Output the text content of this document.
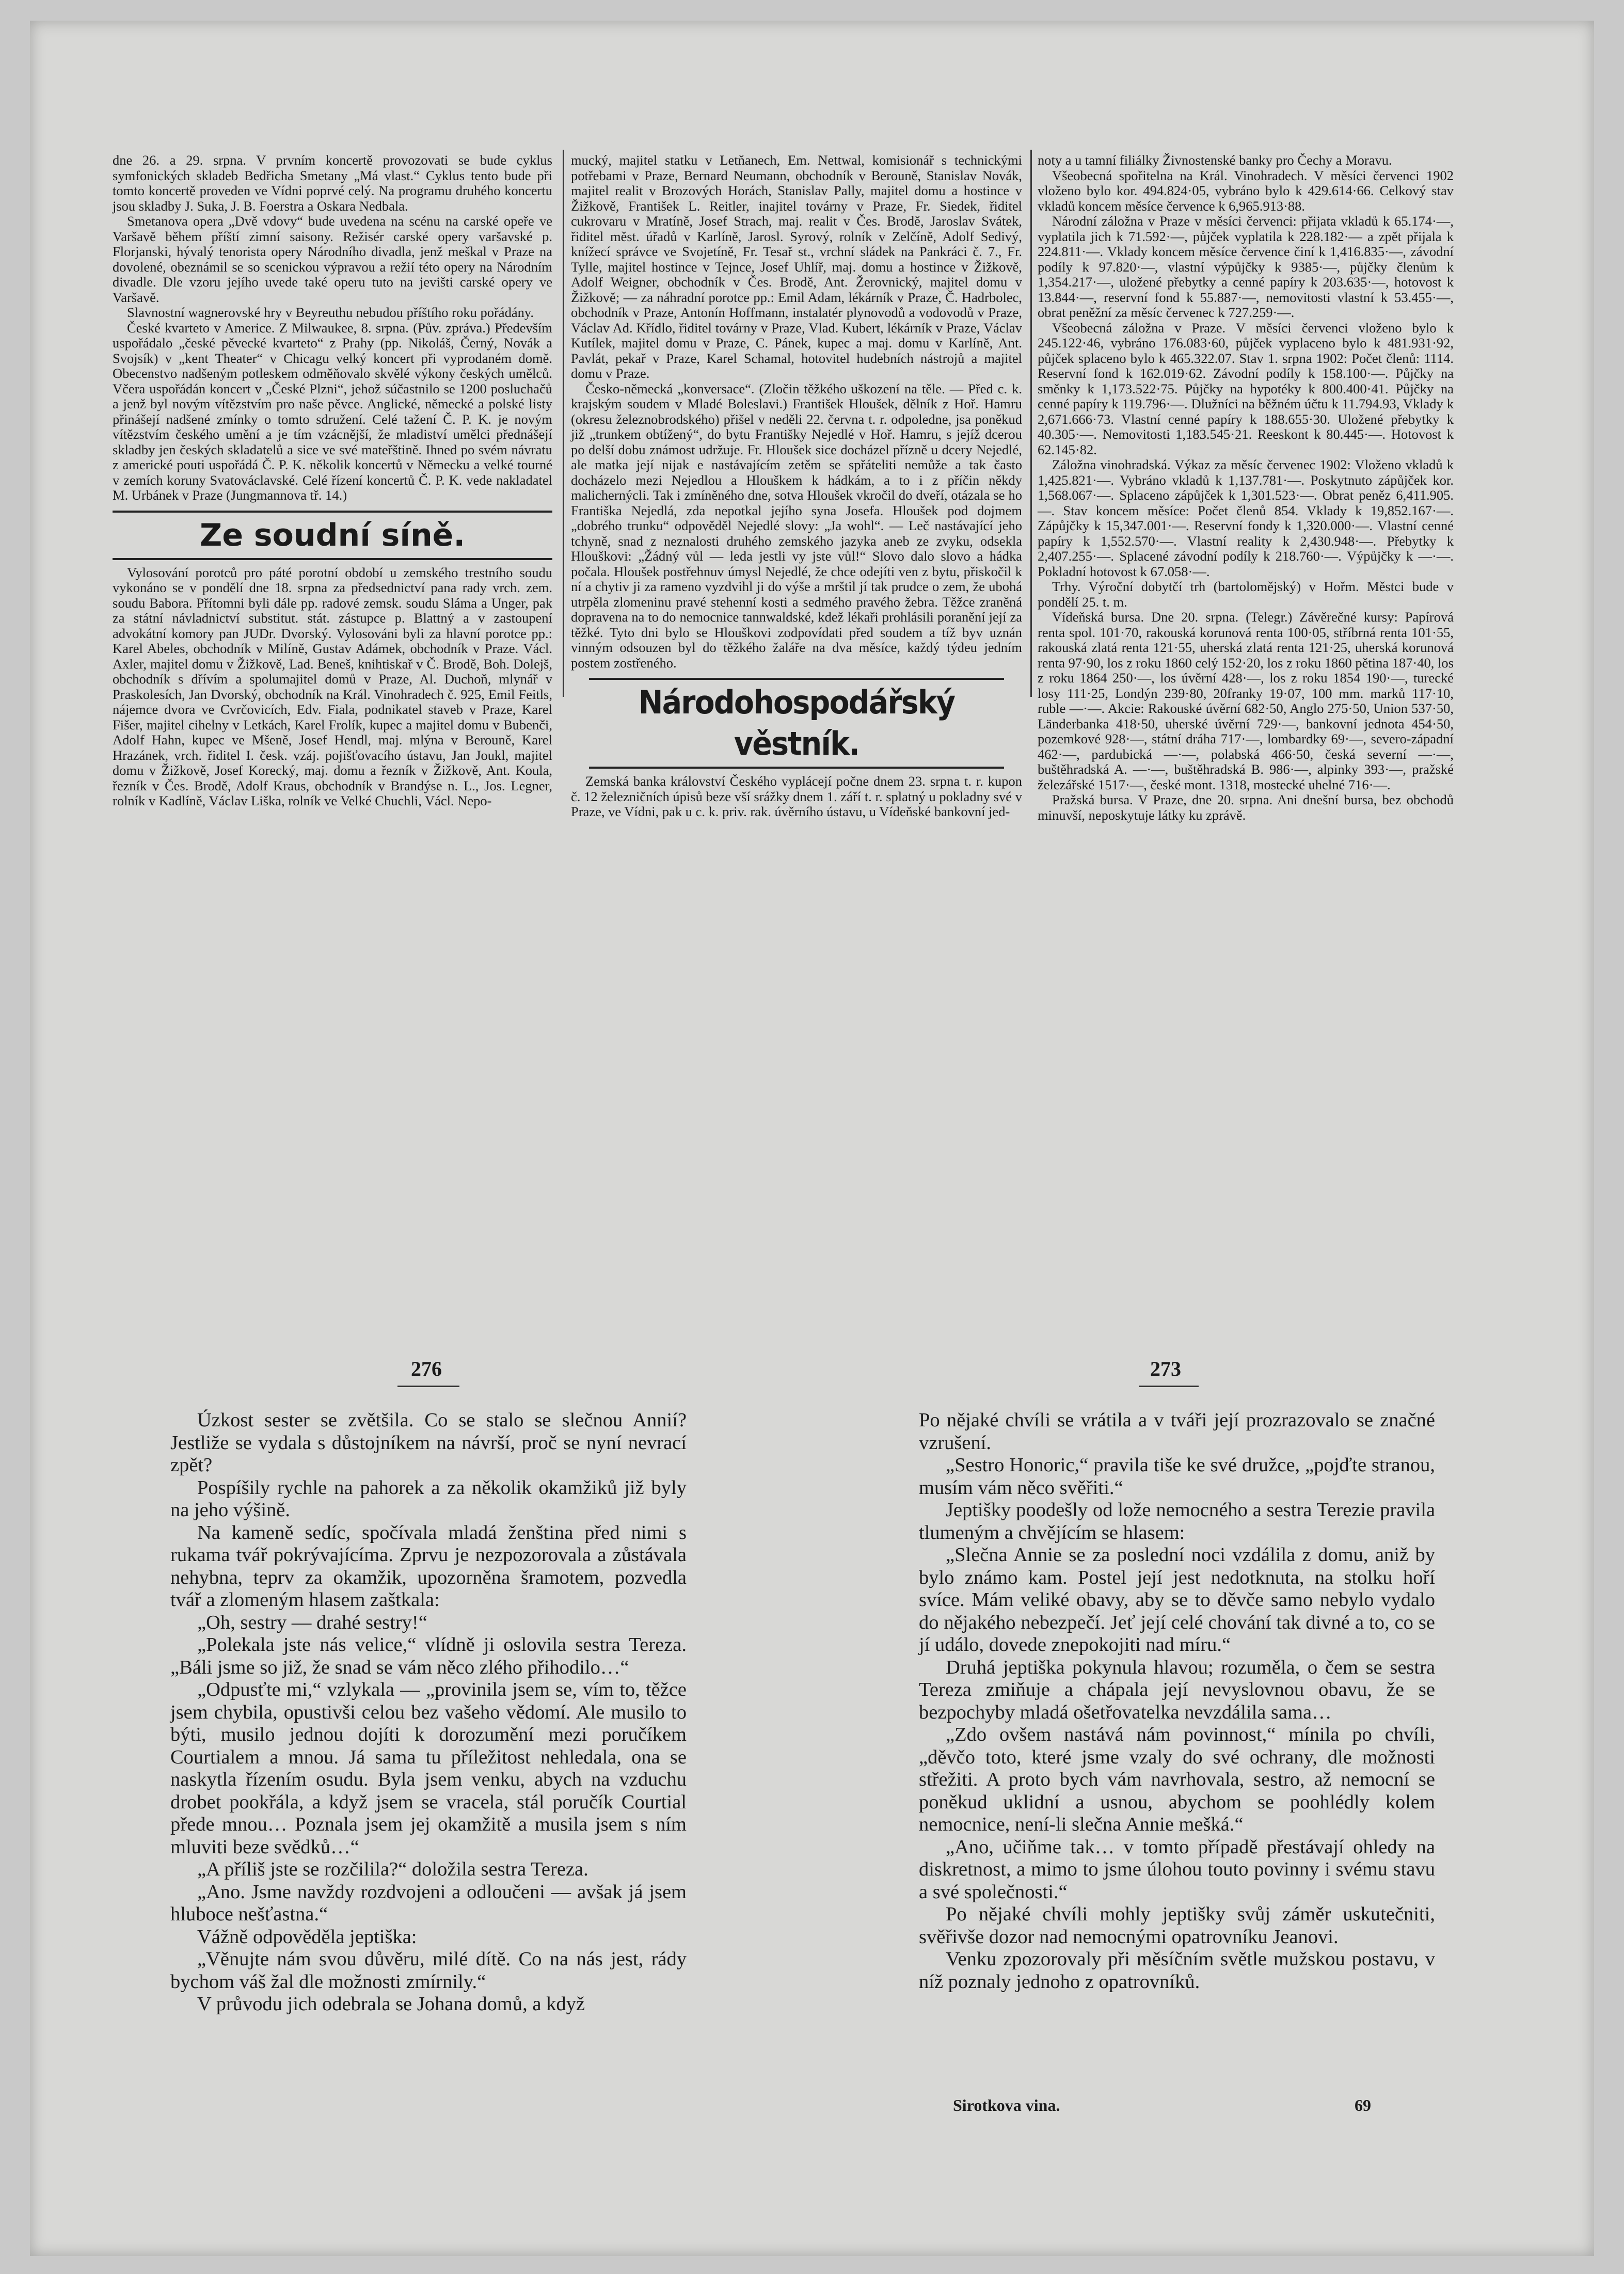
dne 26. a 29. srpna. V prvním koncertě provozovati se bude cyklus symfonických skladeb Bedřicha Smetany „Má vlast.“ Cyklus tento bude při tomto koncertě proveden ve Vídni poprvé celý. Na programu druhého koncertu jsou skladby J. Suka, J. B. Foerstra a Oskara Nedbala.

Smetanova opera „Dvě vdovy“ bude uvedena na scénu na carské opeře ve Varšavě během příští zimní saisony. Režisér carské opery varšavské p. Florjanski, hývalý tenorista opery Národního divadla, jenž meškal v Praze na dovolené, obeznámil se so scenickou výpravou a režií této opery na Národním divadle. Dle vzoru jejího uvede také operu tuto na jevišti carské opery ve Varšavě.

Slavnostní wagnerovské hry v Beyreuthu nebudou příštího roku pořádány.

České kvarteto v Americe. Z Milwaukee, 8. srpna. (Pův. zpráva.) Především uspořádalo „české pěvecké kvarteto“ z Prahy (pp. Nikoláš, Černý, Novák a Svojsík) v „kent Theater“ v Chicagu velký koncert při vyprodaném domě. Obecenstvo nadšeným potleskem odměňovalo skvělé výkony českých umělců. Včera uspořádán koncert v „České Plzni“, jehož súčastnilo se 1200 posluchačů a jenž byl novým vítězstvím pro naše pěvce. Anglické, německé a polské listy přinášejí nadšené zmínky o tomto sdružení. Celé tažení Č. P. K. je novým vítězstvím českého umění a je tím vzácnější, že mladiství umělci přednášejí skladby jen českých skladatelů a sice ve své mateřštině. Ihned po svém návratu z americké pouti uspořádá Č. P. K. několik koncertů v Německu a velké tourné v zemích koruny Svatováclavské. Celé řízení koncertů Č. P. K. vede nakladatel M. Urbánek v Praze (Jungmannova tř. 14.)

Ze soudní síně.

Vylosování porotců pro páté porotní období u zemského trestního soudu vykonáno se v pondělí dne 18. srpna za předsednictví pana rady vrch. zem. soudu Babora. Přítomni byli dále pp. radové zemsk. soudu Sláma a Unger, pak za státní návladnictví substitut. stát. zástupce p. Blattný a v zastoupení advokátní komory pan JUDr. Dvorský. Vylosováni byli za hlavní porotce pp.: Karel Abeles, obchodník v Milíně, Gustav Adámek, obchodník v Praze. Václ. Axler, majitel domu v Žižkově, Lad. Beneš, knihtiskař v Č. Brodě, Boh. Dolejš, obchodník s dřívím a spolumajitel domů v Praze, Al. Duchoň, mlynář v Praskolesích, Jan Dvorský, obchodník na Král. Vinohradech č. 925, Emil Feitls, nájemce dvora ve Cvrčovicích, Edv. Fiala, podnikatel staveb v Praze, Karel Fišer, majitel cihelny v Letkách, Karel Frolík, kupec a majitel domu v Bubenči, Adolf Hahn, kupec ve Mšeně, Josef Hendl, maj. mlýna v Berouně, Karel Hrazánek, vrch. řiditel I. česk. vzáj. pojišťovacího ústavu, Jan Joukl, majitel domu v Žižkově, Josef Korecký, maj. domu a řezník v Žižkově, Ant. Koula, řezník v Čes. Brodě, Adolf Kraus, obchodník v Brandýse n. L., Jos. Legner, rolník v Kadlíně, Václav Liška, rolník ve Velké Chuchli, Václ. Nepo-

mucký, majitel statku v Letňanech, Em. Nettwal, komisionář s technickými potřebami v Praze, Bernard Neumann, obchodník v Berouně, Stanislav Novák, majitel realit v Brozových Horách, Stanislav Pally, majitel domu a hostince v Žižkově, František L. Reitler, inajitel továrny v Praze, Fr. Siedek, řiditel cukrovaru v Mratíně, Josef Strach, maj. realit v Čes. Brodě, Jaroslav Svátek, řiditel měst. úřadů v Karlíně, Jarosl. Syrový, rolník v Zelčíně, Adolf Sedivý, knížecí správce ve Svojetíně, Fr. Tesař st., vrchní sládek na Pankráci č. 7., Fr. Tylle, majitel hostince v Tejnce, Josef Uhlíř, maj. domu a hostince v Žižkově, Adolf Weigner, obchodník v Čes. Brodě, Ant. Žerovnický, majitel domu v Žižkově; — za náhradní porotce pp.: Emil Adam, lékárník v Praze, Č. Hadrbolec, obchodník v Praze, Antonín Hoffmann, instalatér plynovodů a vodovodů v Praze, Václav Ad. Křídlo, řiditel továrny v Praze, Vlad. Kubert, lékárník v Praze, Václav Kutílek, majitel domu v Praze, C. Pánek, kupec a maj. domu v Karlíně, Ant. Pavlát, pekař v Praze, Karel Schamal, hotovitel hudebních nástrojů a majitel domu v Praze.

Česko-německá „konversace“. (Zločin těžkého uškození na těle. — Před c. k. krajským soudem v Mladé Boleslavi.) František Hloušek, dělník z Hoř. Hamru (okresu železnobrodského) přišel v neděli 22. června t. r. odpoledne, jsa poněkud již „trunkem obtížený“, do bytu Františky Nejedlé v Hoř. Hamru, s jejíž dcerou po delší dobu známost udržuje. Fr. Hloušek sice docházel přízně u dcery Nejedlé, ale matka její nijak e nastávajícím zetěm se spřáteliti nemůže a tak často docházelo mezi Nejedlou a Hlouškem k hádkám, a to i z příčin někdy malichernýcli. Tak i zmíněného dne, sotva Hloušek vkročil do dveří, otázala se ho Františka Nejedlá, zda nepotkal jejího syna Josefa. Hloušek pod dojmem „dobrého trunku“ odpověděl Nejedlé slovy: „Ja wohl“. — Leč nastávající jeho tchyně, snad z neznalosti druhého zemského jazyka aneb ze zvyku, odsekla Hlouškovi: „Žádný vůl — leda jestli vy jste vůl!“ Slovo dalo slovo a hádka počala. Hloušek postřehnuv úmysl Nejedlé, že chce odejíti ven z bytu, přiskočil k ní a chytiv ji za rameno vyzdvihl ji do výše a mrštil jí tak prudce o zem, že ubohá utrpěla zlomeninu pravé stehenní kosti a sedmého pravého žebra. Těžce zraněná dopravena na to do nemocnice tannwaldské, kdež lékaři prohlásili poranění její za těžké. Tyto dni bylo se Hlouškovi zodpovídati před soudem a tíž byv uznán vinným odsouzen byl do těžkého žaláře na dva měsíce, každý týdeu jedním postem zostřeného.

Národohospodářský věstník.

Zemská banka království Českého vyplácejí počne dnem 23. srpna t. r. kupon č. 12 železničních úpisů beze vší srážky dnem 1. září t. r. splatný u pokladny své v Praze, ve Vídni, pak u c. k. priv. rak. úvěrního ústavu, u Vídeňské bankovní jed-

noty a u tamní filiálky Živnostenské banky pro Čechy a Moravu.

Všeobecná spořitelna na Král. Vinohradech. V měsíci červenci 1902 vloženo bylo kor. 494.824·05, vybráno bylo k 429.614·66. Celkový stav vkladů koncem měsíce července k 6,965.913·88.

Národní záložna v Praze v měsíci červenci: přijata vkladů k 65.174·—, vyplatila jich k 71.592·—, půjček vyplatila k 228.182·— a zpět přijala k 224.811·—. Vklady koncem měsíce července činí k 1,416.835·—, závodní podíly k 97.820·—, vlastní výpůjčky k 9385·—, půjčky členům k 1,354.217·—, uložené přebytky a cenné papíry k 203.635·—, hotovost k 13.844·—, reservní fond k 55.887·—, nemovitosti vlastní k 53.455·—, obrat peněžní za měsíc červenec k 727.259·—.

Všeobecná záložna v Praze. V měsíci červenci vloženo bylo k 245.122·46, vybráno 176.083·60, půjček vyplaceno bylo k 481.931·92, půjček splaceno bylo k 465.322.07. Stav 1. srpna 1902: Počet členů: 1114. Reservní fond k 162.019·62. Závodní podíly k 158.100·—. Půjčky na směnky k 1,173.522·75. Půjčky na hypotéky k 800.400·41. Půjčky na cenné papíry k 119.796·—. Dlužníci na běžném účtu k 11.794.93, Vklady k 2,671.666·73. Vlastní cenné papíry k 188.655·30. Uložené přebytky k 40.305·—. Nemovitosti 1,183.545·21. Reeskont k 80.445·—. Hotovost k 62.145·82.

Záložna vinohradská. Výkaz za měsíc červenec 1902: Vloženo vkladů k 1,425.821·—. Vybráno vkladů k 1,137.781·—. Poskytnuto zápůjček kor. 1,568.067·—. Splaceno zápůjček k 1,301.523·—. Obrat peněz 6,411.905.—. Stav koncem měsíce: Počet členů 854. Vklady k 19,852.167·—. Zápůjčky k 15,347.001·—. Reservní fondy k 1,320.000·—. Vlastní cenné papíry k 1,552.570·—. Vlastní reality k 2,430.948·—. Přebytky k 2,407.255·—. Splacené závodní podíly k 218.760·—. Výpůjčky k —·—. Pokladní hotovost k 67.058·—.

Trhy. Výroční dobytčí trh (bartolomějský) v Hořm. Městci bude v pondělí 25. t. m.

Vídeňská bursa. Dne 20. srpna. (Telegr.) Závěrečné kursy: Papírová renta spol. 101·70, rakouská korunová renta 100·05, stříbrná renta 101·55, rakouská zlatá renta 121·55, uherská zlatá renta 121·25, uherská korunová renta 97·90, los z roku 1860 celý 152·20, los z roku 1860 pětina 187·40, los z roku 1864 250·—, los úvěrní 428·—, los z roku 1854 190·—, turecké losy 111·25, Londýn 239·80, 20franky 19·07, 100 mm. marků 117·10, ruble —·—. Akcie: Rakouské úvěrní 682·50, Anglo 275·50, Union 537·50, Länderbanka 418·50, uherské úvěrní 729·—, bankovní jednota 454·50, pozemkové 928·—, státní dráha 717·—, lombardky 69·—, severo-západní 462·—, pardubická —·—, polabská 466·50, česká severní —·—, buštěhradská A. —·—, buštěhradská B. 986·—, alpinky 393·—, pražské železářské 1517·—, české mont. 1318, mostecké uhelné 716·—.

Pražská bursa. V Praze, dne 20. srpna. Ani dnešní bursa, bez obchodů minuvší, neposkytuje látky ku zprávě.

276	273

Úzkost sester se zvětšila. Co se stalo se slečnou Annií? Jestliže se vydala s důstojníkem na návrší, proč se nyní nevrací zpět?

Pospíšily rychle na pahorek a za několik okamžiků již byly na jeho výšině.

Na kameně sedíc, spočívala mladá ženština před nimi s rukama tvář pokrývajícíma. Zprvu je nezpozorovala a zůstávala nehybna, teprv za okamžik, upozorněna šramotem, pozvedla tvář a zlomeným hlasem zaštkala:

„Oh, sestry — drahé sestry!“

„Polekala jste nás velice,“ vlídně ji oslovila sestra Tereza. „Báli jsme so již, že snad se vám něco zlého přihodilo…“

„Odpusťte mi,“ vzlykala — „provinila jsem se, vím to, těžce jsem chybila, opustivši celou bez vašeho vědomí. Ale musilo to býti, musilo jednou dojíti k dorozumění mezi poručíkem Courtialem a mnou. Já sama tu příležitost nehledala, ona se naskytla řízením osudu. Byla jsem venku, abych na vzduchu drobet pookřála, a když jsem se vracela, stál poručík Courtial přede mnou… Poznala jsem jej okamžitě a musila jsem s ním mluviti beze svědků…“

„A příliš jste se rozčilila?“ doložila sestra Tereza.

„Ano. Jsme navždy rozdvojeni a odloučeni — avšak já jsem hluboce nešťastna.“

Vážně odpověděla jeptiška:

„Věnujte nám svou důvěru, milé dítě. Co na nás jest, rády bychom váš žal dle možnosti zmírnily.“

V průvodu jich odebrala se Johana domů, a když

Po nějaké chvíli se vrátila a v tváři její prozrazovalo se značné vzrušení.

„Sestro Honoric,“ pravila tiše ke své družce, „pojďte stranou, musím vám něco svěřiti.“

Jeptišky poodešly od lože nemocného a sestra Terezie pravila tlumeným a chvějícím se hlasem:

„Slečna Annie se za poslední noci vzdálila z domu, aniž by bylo známo kam. Postel její jest nedotknuta, na stolku hoří svíce. Mám veliké obavy, aby se to děvče samo nebylo vydalo do nějakého nebezpečí. Jeť její celé chování tak divné a to, co se jí událo, dovede znepokojiti nad míru.“

Druhá jeptiška pokynula hlavou; rozuměla, o čem se sestra Tereza zmiňuje a chápala její nevyslovnou obavu, že se bezpochyby mladá ošetřovatelka nevzdálila sama…

„Zdo ovšem nastává nám povinnost,“ mínila po chvíli, „děvčo toto, které jsme vzaly do své ochrany, dle možnosti střežiti. A proto bych vám navrhovala, sestro, až nemocní se poněkud uklidní a usnou, abychom se poohlédly kolem nemocnice, není-li slečna Annie mešká.“

„Ano, učiňme tak… v tomto případě přestávají ohledy na diskretnost, a mimo to jsme úlohou touto povinny i svému stavu a své společnosti.“

Po nějaké chvíli mohly jeptišky svůj záměr uskutečniti, svěřivše dozor nad nemocnými opatrovníku Jeanovi.

Venku zpozorovaly při měsíčním světle mužskou postavu, v níž poznaly jednoho z opatrovníků.

Sirotkova vina.	69
